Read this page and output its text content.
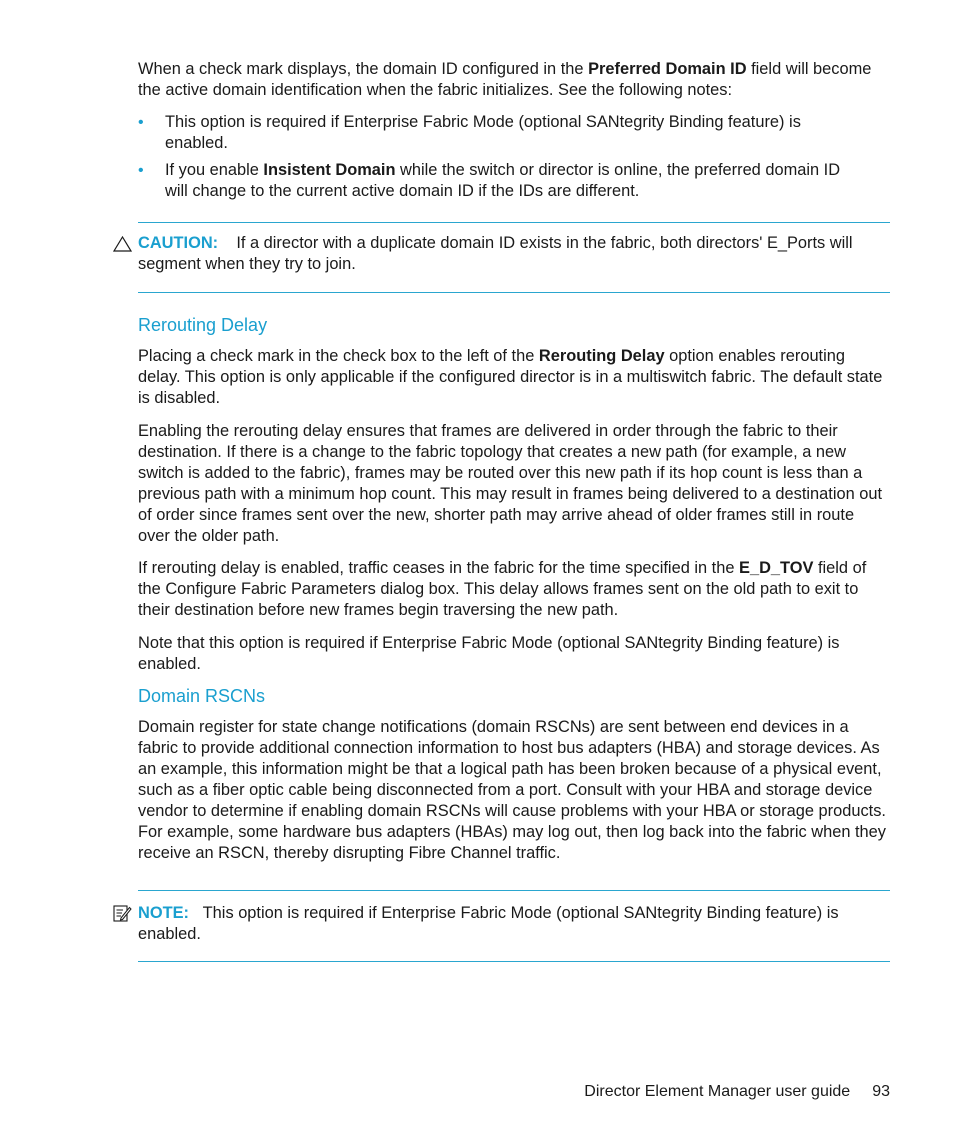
When a check mark displays, the domain ID configured in the Preferred Domain ID field will become the active domain identification when the fabric initializes. See the following notes:

• This option is required if Enterprise Fabric Mode (optional SANtegrity Binding feature) is enabled.
• If you enable Insistent Domain while the switch or director is online, the preferred domain ID will change to the current active domain ID if the IDs are different.

CAUTION: If a director with a duplicate domain ID exists in the fabric, both directors' E_Ports will segment when they try to join.

Rerouting Delay

Placing a check mark in the check box to the left of the Rerouting Delay option enables rerouting delay. This option is only applicable if the configured director is in a multiswitch fabric. The default state is disabled.

Enabling the rerouting delay ensures that frames are delivered in order through the fabric to their destination. If there is a change to the fabric topology that creates a new path (for example, a new switch is added to the fabric), frames may be routed over this new path if its hop count is less than a previous path with a minimum hop count. This may result in frames being delivered to a destination out of order since frames sent over the new, shorter path may arrive ahead of older frames still in route over the older path.

If rerouting delay is enabled, traffic ceases in the fabric for the time specified in the E_D_TOV field of the Configure Fabric Parameters dialog box. This delay allows frames sent on the old path to exit to their destination before new frames begin traversing the new path.

Note that this option is required if Enterprise Fabric Mode (optional SANtegrity Binding feature) is enabled.

Domain RSCNs

Domain register for state change notifications (domain RSCNs) are sent between end devices in a fabric to provide additional connection information to host bus adapters (HBA) and storage devices. As an example, this information might be that a logical path has been broken because of a physical event, such as a fiber optic cable being disconnected from a port. Consult with your HBA and storage device vendor to determine if enabling domain RSCNs will cause problems with your HBA or storage products. For example, some hardware bus adapters (HBAs) may log out, then log back into the fabric when they receive an RSCN, thereby disrupting Fibre Channel traffic.

NOTE: This option is required if Enterprise Fabric Mode (optional SANtegrity Binding feature) is enabled.

Director Element Manager user guide 93
